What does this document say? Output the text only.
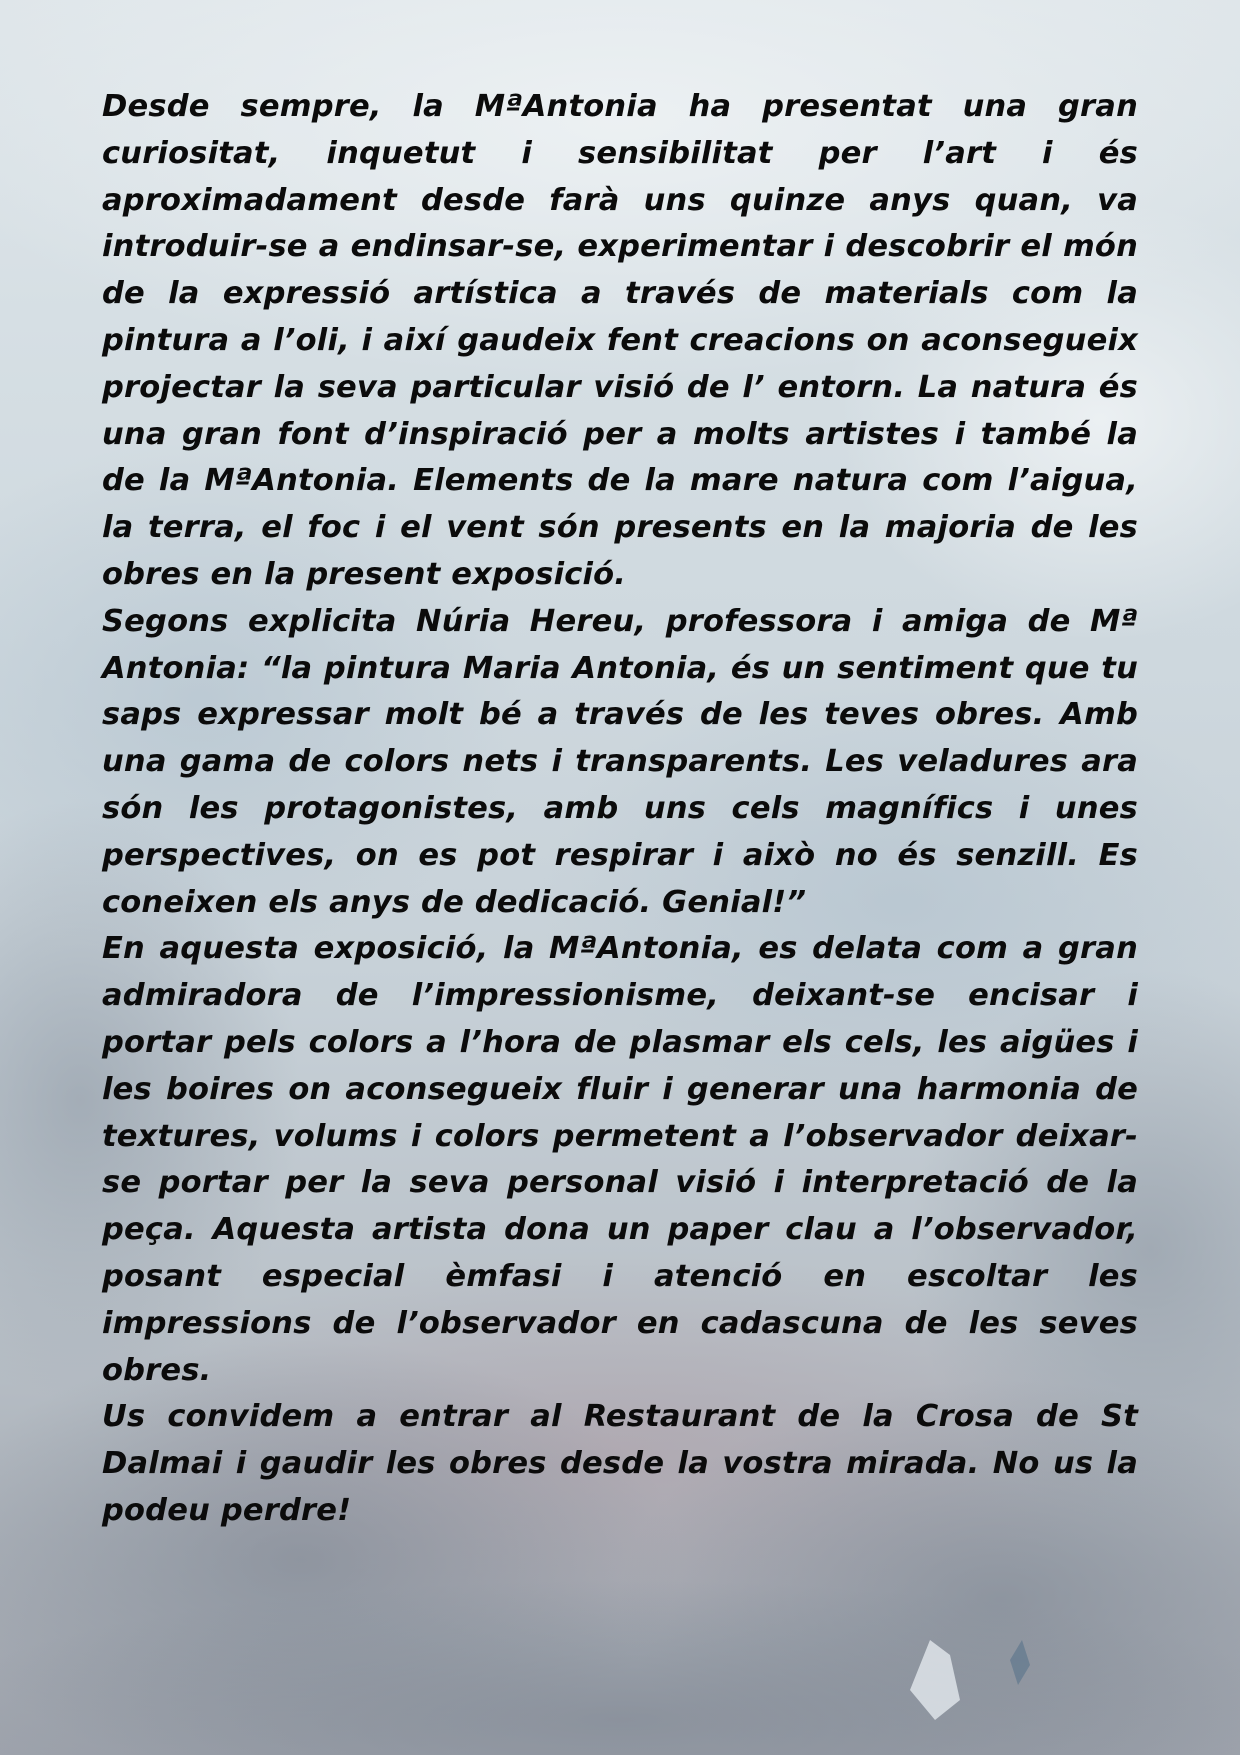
Desde sempre, la MªAntonia ha presentat una gran curiositat, inquetut i sensibilitat per l’art i és aproximadament desde farà uns quinze anys quan, va introduir-se a endinsar-se, experimentar i descobrir el món de la expressió artística a través de materials com la pintura a l’oli, i així gaudeix fent creacions on aconsegueix projectar la seva particular visió de l’ entorn. La natura és una gran font d’inspiració per a molts artistes i també la de la MªAntonia. Elements de la mare natura com l’aigua, la terra, el foc i el vent són presents en la majoria de les obres en la present exposició.

Segons explicita Núria Hereu, professora i amiga de Mª Antonia: “la pintura Maria Antonia, és un sentiment que tu saps expressar molt bé a través de les teves obres. Amb una gama de colors nets i transparents. Les veladures ara són les protagonistes, amb uns cels magnífics i unes perspectives, on es pot respirar i això no és senzill. Es coneixen els anys de dedicació. Genial!”

En aquesta exposició, la MªAntonia, es delata com a gran admiradora de l’impressionisme, deixant-se encisar i portar pels colors a l’hora de plasmar els cels, les aigües i les boires on aconsegueix fluir i generar una harmonia de textures, volums i colors permetent a l’observador deixar-se portar per la seva personal visió i interpretació de la peça. Aquesta artista dona un paper clau a l’observador, posant especial èmfasi i atenció en escoltar les impressions de l’observador en cadascuna de les seves obres.

Us convidem a entrar al Restaurant de la Crosa de St Dalmai i gaudir les obres desde la vostra mirada. No us la podeu perdre!
